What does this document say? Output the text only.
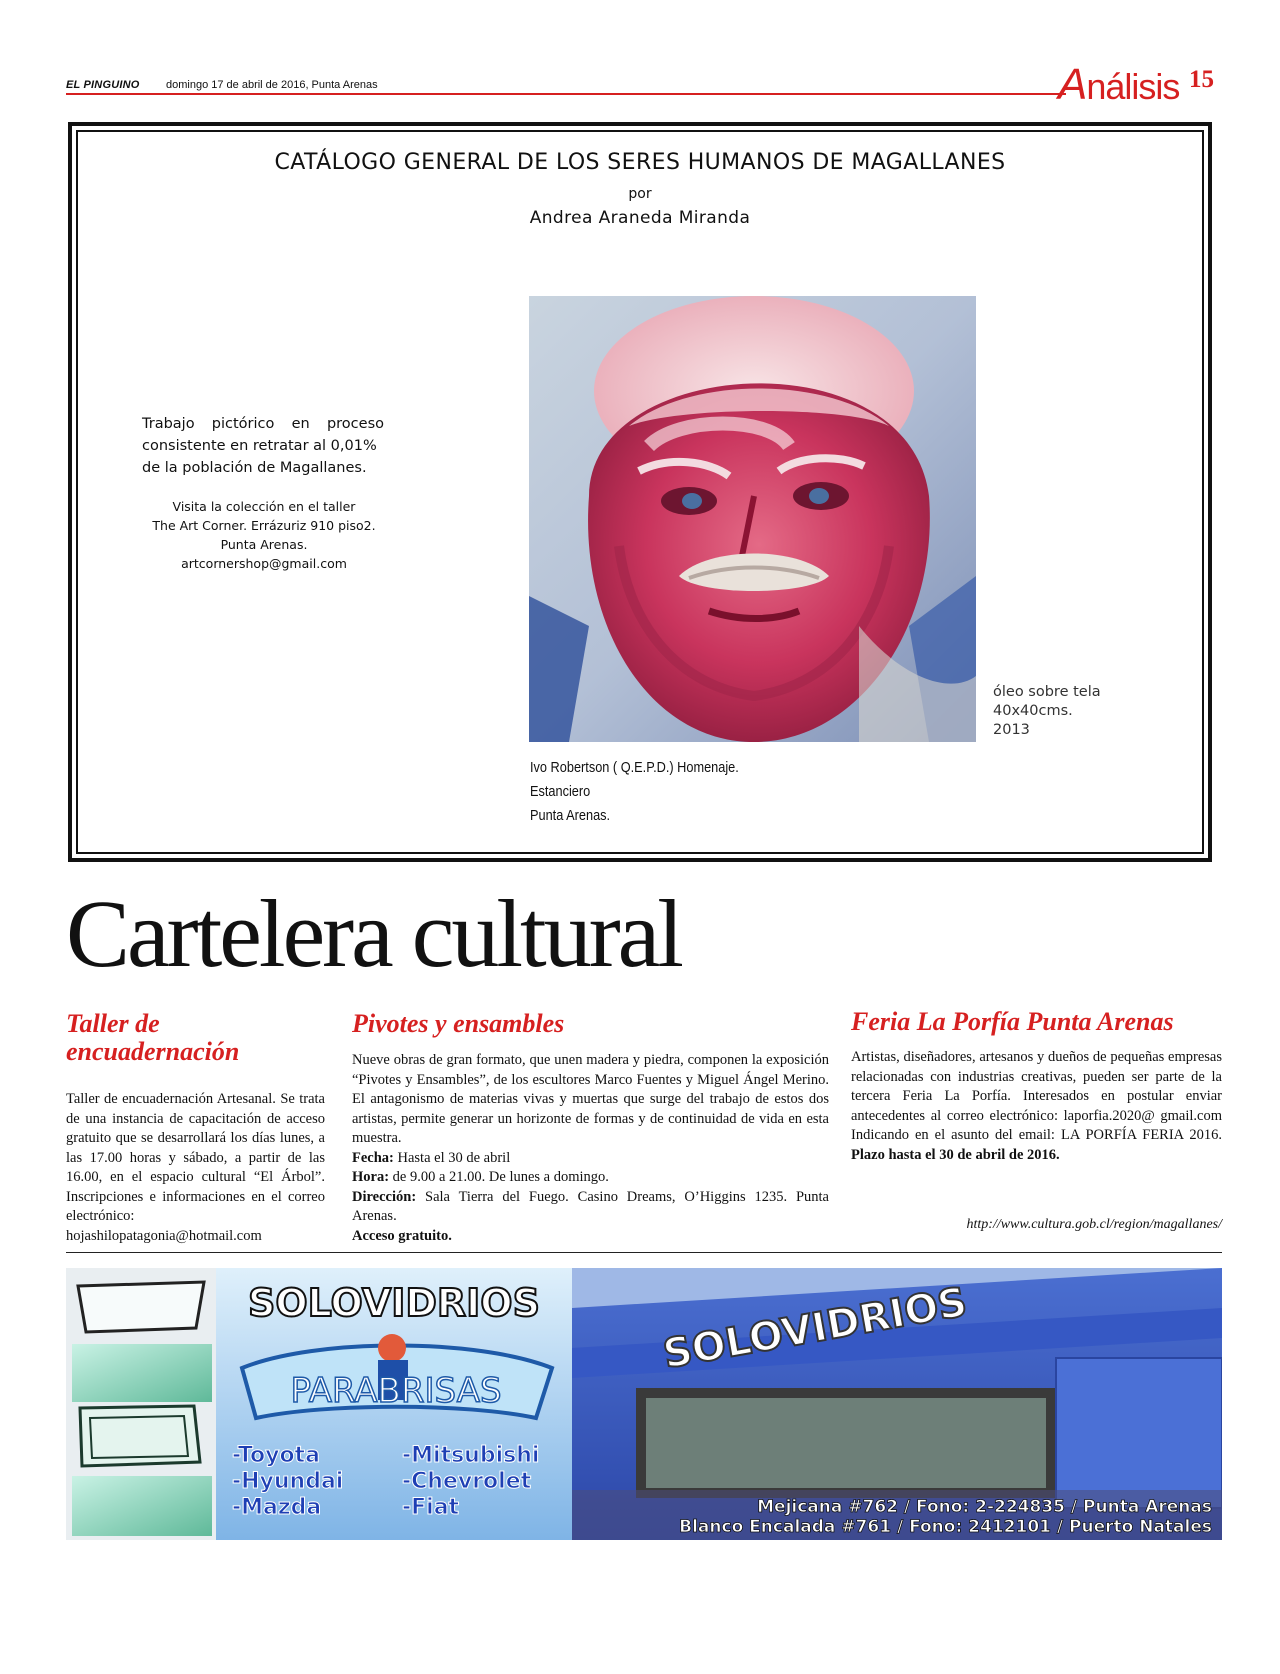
EL PINGUINO domingo 17 de abril de 2016, Punta Arenas	Análisis 15
CATÁLOGO GENERAL DE LOS SERES HUMANOS DE MAGALLANES
por
Andrea Araneda Miranda
Trabajo pictórico en proceso
consistente en retratar al 0,01%
de la población de Magallanes.
Visita la colección en el taller
The Art Corner. Errázuriz 910 piso2.
Punta Arenas.
artcornershop@gmail.com
Ivo Robertson ( Q.E.P.D.) Homenaje.
Estanciero
Punta Arenas.
óleo sobre tela
40x40cms.
2013
Cartelera cultural
Taller de encuadernación
Taller de encuadernación Artesanal. Se trata de una instancia de capacitación de acceso gratuito que se desarrollará los días lunes, a las 17.00 horas y sábado, a partir de las 16.00, en el espacio cultural “El Árbol”. Inscripciones e informaciones en el correo electrónico: hojashilopatagonia@hotmail.com
Pivotes y ensambles
Nueve obras de gran formato, que unen madera y piedra, componen la exposición “Pivotes y Ensambles”, de los escultores Marco Fuentes y Miguel Ángel Merino. El antagonismo de materias vivas y muertas que surge del trabajo de estos dos artistas, permite generar un horizonte de formas y de continuidad de vida en esta muestra.
Fecha: Hasta el 30 de abril
Hora: de 9.00 a 21.00. De lunes a domingo.
Dirección: Sala Tierra del Fuego. Casino Dreams, O’Higgins 1235. Punta Arenas.
Acceso gratuito.
Feria La Porfía Punta Arenas
Artistas, diseñadores, artesanos y dueños de pequeñas empresas relacionadas con industrias creativas, pueden ser parte de la tercera Feria La Porfía. Interesados en postular enviar antecedentes al correo electrónico: laporfia.2020@ gmail.com Indicando en el asunto del email: LA PORFÍA FERIA 2016. Plazo hasta el 30 de abril de 2016.
http://www.cultura.gob.cl/region/magallanes/
SOLOVIDRIOS
PARABRISAS
-Toyota
-Hyundai
-Mazda
-Mitsubishi
-Chevrolet
-Fiat
SOLOVIDRIOS
Mejicana #762 / Fono: 2-224835 / Punta Arenas
Blanco Encalada #761 / Fono: 2412101 / Puerto Natales
